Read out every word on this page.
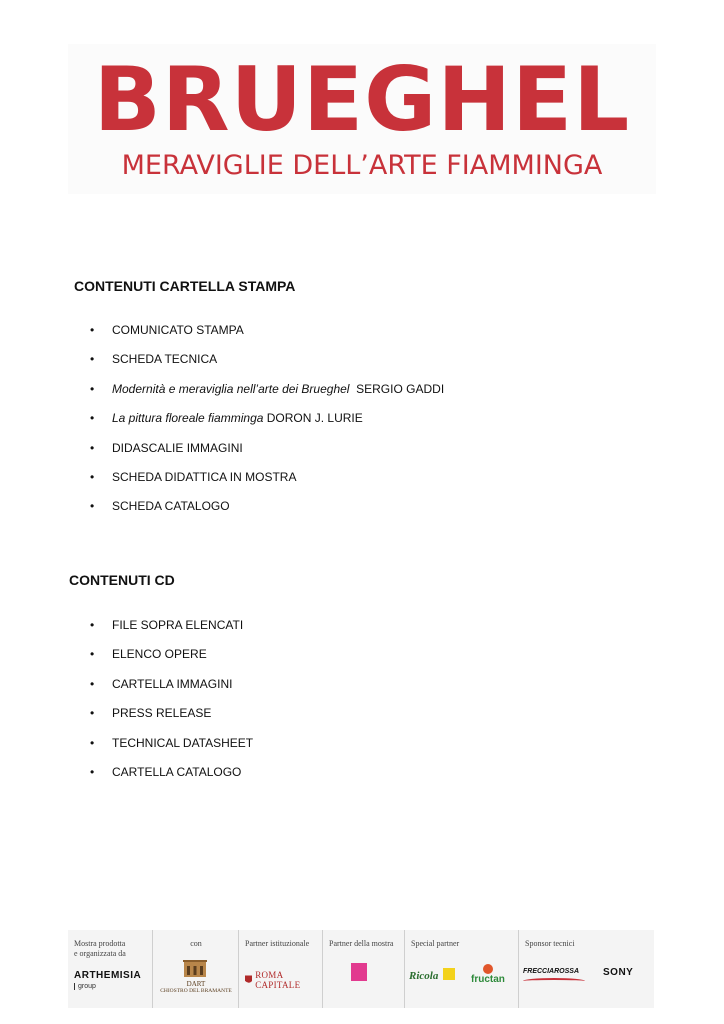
BRUEGHEL
MERAVIGLIE DELL’ARTE FIAMMINGA
CONTENUTI CARTELLA STAMPA
• COMUNICATO STAMPA
• SCHEDA TECNICA
• Modernità e meraviglia nell’arte dei Brueghel  SERGIO GADDI
• La pittura floreale fiamminga DORON J. LURIE
• DIDASCALIE IMMAGINI
• SCHEDA DIDATTICA IN MOSTRA
• SCHEDA CATALOGO
CONTENUTI CD
• FILE SOPRA ELENCATI
• ELENCO OPERE
• CARTELLA IMMAGINI
• PRESS RELEASE
• TECHNICAL DATASHEET
• CARTELLA CATALOGO
Mostra prodotta
e organizzata da
ARTHEMISIA
group
con
DART
CHIOSTRO DEL BRAMANTE
Partner istituzionale
ROMA CAPITALE
Partner della mostra	Special partner
Ricola	fructan
Sponsor tecnici
FRECCIAROSSA SONY
